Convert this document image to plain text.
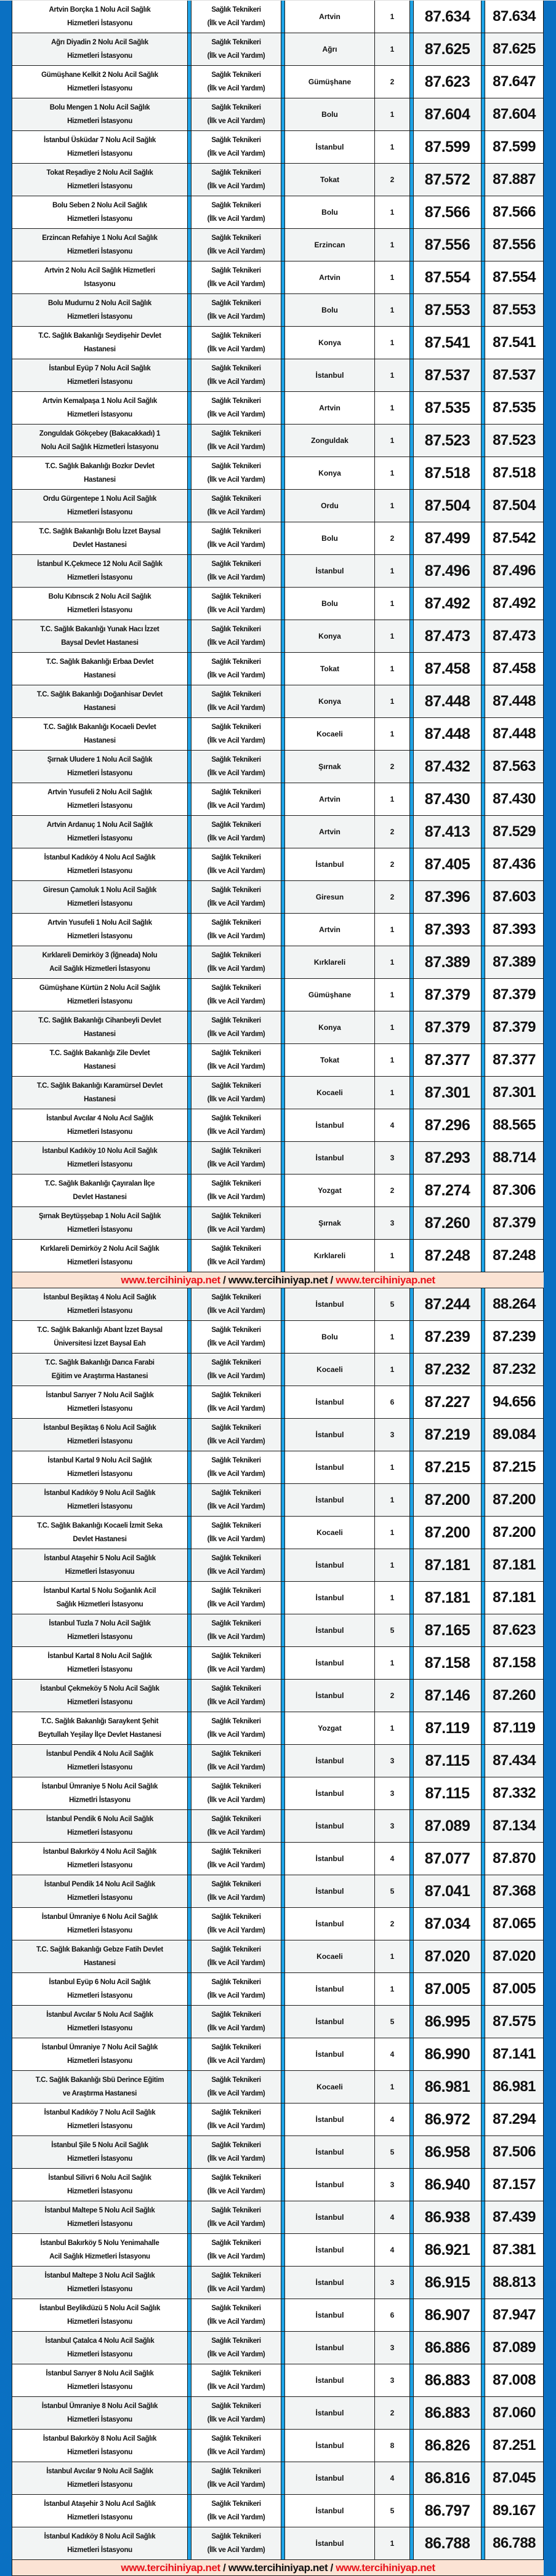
Artvin Borçka 1 Nolu Acil Sağlık
Hizmetleri İstasyonu
Sağlık Teknikeri
(İlk ve Acil Yardım)
Artvin	1	87.634	87.634
Ağrı Diyadin 2 Nolu Acil Sağlık
Hizmetleri İstasyonu
Sağlık Teknikeri
(İlk ve Acil Yardım)
Ağrı	1	87.625	87.625
Gümüşhane Kelkit 2 Nolu Acil Sağlık
Hizmetleri İstasyonu
Sağlık Teknikeri
(İlk ve Acil Yardım)
Gümüşhane	2	87.623	87.647
Bolu Mengen 1 Nolu Acil Sağlık
Hizmetleri İstasyonu
Sağlık Teknikeri
(İlk ve Acil Yardım)
Bolu	1	87.604	87.604
İstanbul Üsküdar 7 Nolu Acil Sağlık
Hizmetleri İstasyonu
Sağlık Teknikeri
(İlk ve Acil Yardım)
İstanbul	1	87.599	87.599
Tokat Reşadiye 2 Nolu Acil Sağlık
Hizmetleri İstasyonu
Sağlık Teknikeri
(İlk ve Acil Yardım)
Tokat	2	87.572	87.887
Bolu Seben 2 Nolu Acil Sağlık
Hizmetleri İstasyonu
Sağlık Teknikeri
(İlk ve Acil Yardım)
Bolu	1	87.566	87.566
Erzincan Refahiye 1 Nolu Acıl Sağlık
Hizmetleri İstasyonu
Sağlık Teknikeri
(İlk ve Acil Yardım)
Erzincan	1	87.556	87.556
Artvin 2 Nolu Acil Sağlık Hizmetleri
Istasyonu
Sağlık Teknikeri
(İlk ve Acil Yardım)
Artvin	1	87.554	87.554
Bolu Mudurnu 2 Nolu Acil Sağlık
Hizmetleri İstasyonu
Sağlık Teknikeri
(İlk ve Acil Yardım)
Bolu	1	87.553	87.553
T.C. Sağlık Bakanlığı Seydişehir Devlet
Hastanesi
Sağlık Teknikeri
(İlk ve Acil Yardım)
Konya	1	87.541	87.541
İstanbul Eyüp 7 Nolu Acil Sağlık
Hizmetleri İstasyonu
Sağlık Teknikeri
(İlk ve Acil Yardım)
İstanbul	1	87.537	87.537
Artvin Kemalpaşa 1 Nolu Acil Sağlık
Hizmetleri İstasyonu
Sağlık Teknikeri
(İlk ve Acil Yardım)
Artvin	1	87.535	87.535
Zonguldak Gökçebey (Bakacakkadı) 1
Nolu Acil Sağlık Hizmetleri İstasyonu
Sağlık Teknikeri
(İlk ve Acil Yardım)
Zonguldak	1	87.523	87.523
T.C. Sağlık Bakanlığı Bozkır Devlet
Hastanesi
Sağlık Teknikeri
(İlk ve Acil Yardım)
Konya	1	87.518	87.518
Ordu Gürgentepe 1 Nolu Acil Sağlık
Hizmetleri İstasyonu
Sağlık Teknikeri
(İlk ve Acil Yardım)
Ordu	1	87.504	87.504
T.C. Sağlık Bakanlığı Bolu İzzet Baysal
Devlet Hastanesi
Sağlık Teknikeri
(İlk ve Acil Yardım)
Bolu	2	87.499	87.542
İstanbul K.Çekmece 12 Nolu Acil Sağlık
Hizmetleri İstasyonu
Sağlık Teknikeri
(İlk ve Acil Yardım)
İstanbul	1	87.496	87.496
Bolu Kıbrıscık 2 Nolu Acil Sağlık
Hizmetleri İstasyonu
Sağlık Teknikeri
(İlk ve Acil Yardım)
Bolu	1	87.492	87.492
T.C. Sağlık Bakanlığı Yunak Hacı İzzet
Baysal Devlet Hastanesi
Sağlık Teknikeri
(İlk ve Acil Yardım)
Konya	1	87.473	87.473
T.C. Sağlık Bakanlığı Erbaa Devlet
Hastanesi
Sağlık Teknikeri
(İlk ve Acil Yardım)
Tokat	1	87.458	87.458
T.C. Sağlık Bakanlığı Doğanhisar Devlet
Hastanesi
Sağlık Teknikeri
(İlk ve Acil Yardım)
Konya	1	87.448	87.448
T.C. Sağlık Bakanlığı Kocaeli Devlet
Hastanesi
Sağlık Teknikeri
(İlk ve Acil Yardım)
Kocaeli	1	87.448	87.448
Şırnak Uludere 1 Nolu Acil Sağlık
Hizmetleri İstasyonu
Sağlık Teknikeri
(İlk ve Acil Yardım)
Şırnak	2	87.432	87.563
Artvin Yusufeli 2 Nolu Acil Sağlık
Hizmetleri İstasyonu
Sağlık Teknikeri
(İlk ve Acil Yardım)
Artvin	1	87.430	87.430
Artvin Ardanuç 1 Nolu Acil Sağlık
Hizmetleri İstasyonu
Sağlık Teknikeri
(İlk ve Acil Yardım)
Artvin	2	87.413	87.529
İstanbul Kadıköy 4 Nolu Acıl Sağlık
Hizmetleri Istasyonu
Sağlık Teknikeri
(İlk ve Acil Yardım)
İstanbul	2	87.405	87.436
Giresun Çamoluk 1 Nolu Acil Sağlık
Hizmetleri İstasyonu
Sağlık Teknikeri
(İlk ve Acil Yardım)
Giresun	2	87.396	87.603
Artvin Yusufeli 1 Nolu Acil Sağlık
Hizmetleri İstasyonu
Sağlık Teknikeri
(İlk ve Acil Yardım)
Artvin	1	87.393	87.393
Kırklareli Demirköy 3 (İğneada) Nolu
Acil Sağlık Hizmetleri İstasyonu
Sağlık Teknikeri
(İlk ve Acil Yardım)
Kırklareli	1	87.389	87.389
Gümüşhane Kürtün 2 Nolu Acil Sağlık
Hizmetleri İstasyonu
Sağlık Teknikeri
(İlk ve Acil Yardım)
Gümüşhane	1	87.379	87.379
T.C. Sağlık Bakanlığı Cihanbeyli Devlet
Hastanesi
Sağlık Teknikeri
(İlk ve Acil Yardım)
Konya	1	87.379	87.379
T.C. Sağlık Bakanlığı Zile Devlet
Hastanesi
Sağlık Teknikeri
(İlk ve Acil Yardım)
Tokat	1	87.377	87.377
T.C. Sağlık Bakanlığı Karamürsel Devlet
Hastanesi
Sağlık Teknikeri
(İlk ve Acil Yardım)
Kocaeli	1	87.301	87.301
İstanbul Avcılar 4 Nolu Acıl Sağlık
Hizmetleri Istasyonu
Sağlık Teknikeri
(İlk ve Acil Yardım)
İstanbul	4	87.296	88.565
İstanbul Kadıköy 10 Nolu Acil Sağlık
Hizmetleri İstasyonu
Sağlık Teknikeri
(İlk ve Acil Yardım)
İstanbul	3	87.293	88.714
T.C. Sağlık Bakanlığı Çayıralan İlçe
Devlet Hastanesi
Sağlık Teknikeri
(İlk ve Acil Yardım)
Yozgat	2	87.274	87.306
Şırnak Beytüşşebap 1 Nolu Acil Sağlık
Hizmetleri İstasyonu
Sağlık Teknikeri
(İlk ve Acil Yardım)
Şırnak	3	87.260	87.379
Kırklareli Demirköy 2 Nolu Acil Sağlık
Hizmetleri İstasyonu
Sağlık Teknikeri
(İlk ve Acil Yardım)
Kırklareli	1	87.248	87.248
www.tercihiniyap.net / www.tercihiniyap.net / www.tercihiniyap.net
İstanbul Beşiktaş 4 Nolu Acil Sağlık
Hizmetleri İstasyonu
Sağlık Teknikeri
(İlk ve Acil Yardım)
İstanbul	5	87.244	88.264
T.C. Sağlık Bakanlığı Abant İzzet Baysal
Üniversitesi İzzet Baysal Eah
Sağlık Teknikeri
(İlk ve Acil Yardım)
Bolu	1	87.239	87.239
T.C. Sağlık Bakanlığı Darıca Farabi
Eğitim ve Araştırma Hastanesi
Sağlık Teknikeri
(İlk ve Acil Yardım)
Kocaeli	1	87.232	87.232
İstanbul Sarıyer 7 Nolu Acil Sağlık
Hizmetleri İstasyonu
Sağlık Teknikeri
(İlk ve Acil Yardım)
İstanbul	6	87.227	94.656
İstanbul Beşiktaş 6 Nolu Acil Sağlık
Hizmetleri İstasyonu
Sağlık Teknikeri
(İlk ve Acil Yardım)
İstanbul	3	87.219	89.084
İstanbul Kartal 9 Nolu Acil Sağlık
Hizmetleri İstasyonu
Sağlık Teknikeri
(İlk ve Acil Yardım)
İstanbul	1	87.215	87.215
İstanbul Kadıköy 9 Nolu Acil Sağlık
Hizmetleri İstasyonu
Sağlık Teknikeri
(İlk ve Acil Yardım)
İstanbul	1	87.200	87.200
T.C. Sağlık Bakanlığı Kocaeli İzmit Seka
Devlet Hastanesi
Sağlık Teknikeri
(İlk ve Acil Yardım)
Kocaeli	1	87.200	87.200
İstanbul Ataşehir 5 Nolu Acil Sağlık
Hizmetleri İstasyonuu
Sağlık Teknikeri
(İlk ve Acil Yardım)
İstanbul	1	87.181	87.181
İstanbul Kartal 5 Nolu Soğanlık Acil
Sağlık Hizmetleri İstasyonu
Sağlık Teknikeri
(İlk ve Acil Yardım)
İstanbul	1	87.181	87.181
İstanbul Tuzla 7 Nolu Acil Sağlık
Hizmetleri İstasyonu
Sağlık Teknikeri
(İlk ve Acil Yardım)
İstanbul	5	87.165	87.623
İstanbul Kartal 8 Nolu Acil Sağlık
Hizmetleri İstasyonu
Sağlık Teknikeri
(İlk ve Acil Yardım)
İstanbul	1	87.158	87.158
İstanbul Çekmeköy 5 Nolu Acil Sağlık
Hizmetleri İstasyonu
Sağlık Teknikeri
(İlk ve Acil Yardım)
İstanbul	2	87.146	87.260
T.C. Sağlık Bakanlığı Saraykent Şehit
Beytullah Yeşilay İlçe Devlet Hastanesi
Sağlık Teknikeri
(İlk ve Acil Yardım)
Yozgat	1	87.119	87.119
İstanbul Pendik 4 Nolu Acil Sağlık
Hizmetleri İstasyonu
Sağlık Teknikeri
(İlk ve Acil Yardım)
İstanbul	3	87.115	87.434
İstanbul Ümraniye 5 Nolu Acil Sağlık
Hizmetlri İstasyonu
Sağlık Teknikeri
(İlk ve Acil Yardım)
İstanbul	3	87.115	87.332
İstanbul Pendik 6 Nolu Acil Sağlık
Hizmetleri İstasyonu
Sağlık Teknikeri
(İlk ve Acil Yardım)
İstanbul	3	87.089	87.134
İstanbul Bakırköy 4 Nolu Acil Sağlık
Hizmetleri İstasyonu
Sağlık Teknikeri
(İlk ve Acil Yardım)
İstanbul	4	87.077	87.870
İstanbul Pendik 14 Nolu Acil Sağlık
Hizmetleri İstasyonu
Sağlık Teknikeri
(İlk ve Acil Yardım)
İstanbul	5	87.041	87.368
İstanbul Ümraniye 6 Nolu Acil Sağlık
Hizmetleri İstasyonu
Sağlık Teknikeri
(İlk ve Acil Yardım)
İstanbul	2	87.034	87.065
T.C. Sağlık Bakanlığı Gebze Fatih Devlet
Hastanesi
Sağlık Teknikeri
(İlk ve Acil Yardım)
Kocaeli	1	87.020	87.020
İstanbul Eyüp 6 Nolu Acil Sağlık
Hizmetleri İstasyonu
Sağlık Teknikeri
(İlk ve Acil Yardım)
İstanbul	1	87.005	87.005
İstanbul Avcılar 5 Nolu Acıl Sağlık
Hizmetleri Istasyonu
Sağlık Teknikeri
(İlk ve Acil Yardım)
İstanbul	5	86.995	87.575
İstanbul Ümraniye 7 Nolu Acil Sağlık
Hizmetleri İstasyonu
Sağlık Teknikeri
(İlk ve Acil Yardım)
İstanbul	4	86.990	87.141
T.C. Sağlık Bakanlığı Sbü Derince Eğitim
ve Araştırma Hastanesi
Sağlık Teknikeri
(İlk ve Acil Yardım)
Kocaeli	1	86.981	86.981
İstanbul Kadıköy 7 Nolu Acil Sağlık
Hizmetleri İstasyonu
Sağlık Teknikeri
(İlk ve Acil Yardım)
İstanbul	4	86.972	87.294
İstanbul Şile 5 Nolu Acil Sağlık
Hizmetleri İstasyonu
Sağlık Teknikeri
(İlk ve Acil Yardım)
İstanbul	5	86.958	87.506
İstanbul Silivri 6 Nolu Acil Sağlık
Hizmetleri İstasyonu
Sağlık Teknikeri
(İlk ve Acil Yardım)
İstanbul	3	86.940	87.157
İstanbul Maltepe 5 Nolu Acil Sağlık
Hizmetleri İstasyonu
Sağlık Teknikeri
(İlk ve Acil Yardım)
İstanbul	4	86.938	87.439
İstanbul Bakırköy 5 Nolu Yenimahalle
Acil Sağlık Hizmetleri İstasyonu
Sağlık Teknikeri
(İlk ve Acil Yardım)
İstanbul	4	86.921	87.381
İstanbul Maltepe 3 Nolu Acil Sağlık
Hizmetleri İstasyonu
Sağlık Teknikeri
(İlk ve Acil Yardım)
İstanbul	3	86.915	88.813
İstanbul Beylikdüzü 5 Nolu Acil Sağlık
Hizmetleri İstasyonu
Sağlık Teknikeri
(İlk ve Acil Yardım)
İstanbul	6	86.907	87.947
İstanbul Çatalca 4 Nolu Acil Sağlık
Hizmetleri İstasyonu
Sağlık Teknikeri
(İlk ve Acil Yardım)
İstanbul	3	86.886	87.089
İstanbul Sarıyer 8 Nolu Acil Sağlık
Hizmetleri İstasyonu
Sağlık Teknikeri
(İlk ve Acil Yardım)
İstanbul	3	86.883	87.008
İstanbul Ümraniye 8 Nolu Acil Sağlık
Hizmetleri İstasyonu
Sağlık Teknikeri
(İlk ve Acil Yardım)
İstanbul	2	86.883	87.060
İstanbul Bakırköy 8 Nolu Acil Sağlık
Hizmetleri İstasyonu
Sağlık Teknikeri
(İlk ve Acil Yardım)
İstanbul	8	86.826	87.251
İstanbul Avcılar 9 Nolu Acil Sağlık
Hizmetleri İstasyonu
Sağlık Teknikeri
(İlk ve Acil Yardım)
İstanbul	4	86.816	87.045
İstanbul Ataşehir 3 Nolu Acıl Sağlık
Hizmetleri Istasyonu
Sağlık Teknikeri
(İlk ve Acil Yardım)
İstanbul	5	86.797	89.167
İstanbul Kadıköy 8 Nolu Acil Sağlık
Hizmetleri İstasyonu
Sağlık Teknikeri
(İlk ve Acil Yardım)
İstanbul	1	86.788	86.788
www.tercihiniyap.net / www.tercihiniyap.net / www.tercihiniyap.net
